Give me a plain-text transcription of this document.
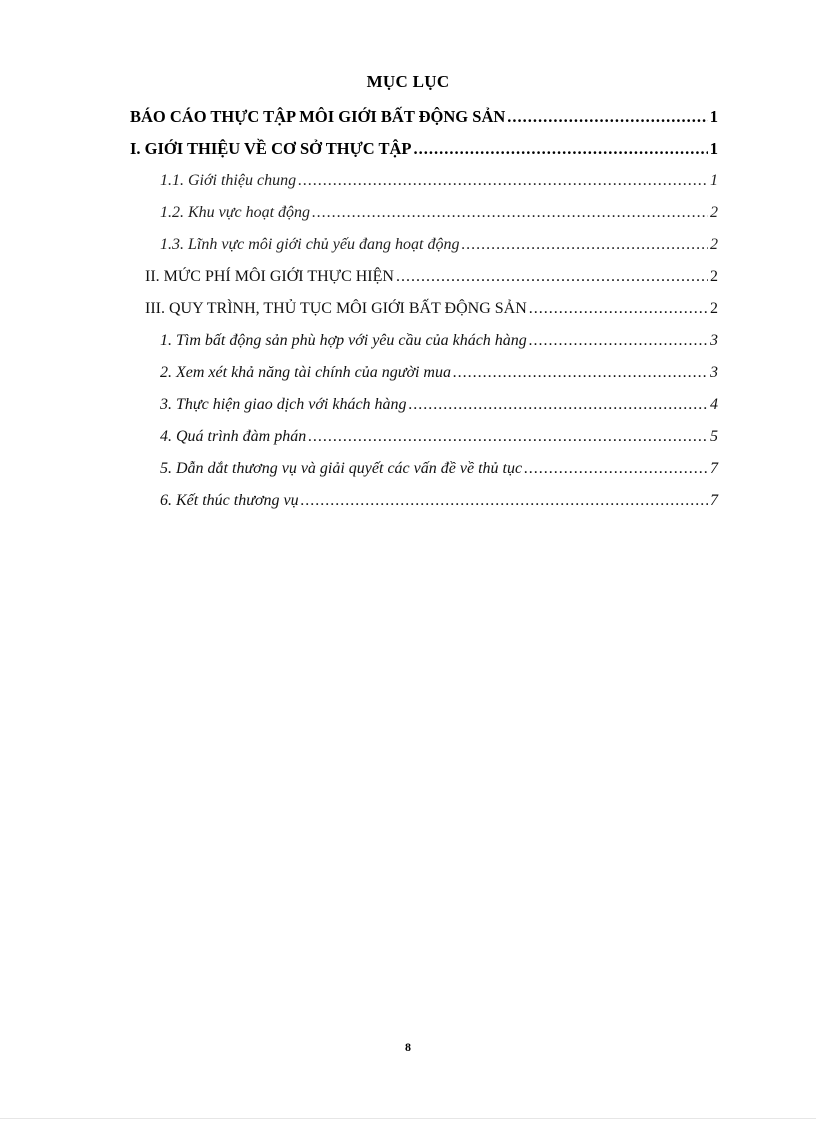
MỤC LỤC
BÁO CÁO THỰC TẬP MÔI GIỚI BẤT ĐỘNG SẢN .....	1
I. GIỚI THIỆU VỀ CƠ SỞ THỰC TẬP .....	1
1.1. Giới thiệu chung .....	1
1.2. Khu vực hoạt động .....	2
1.3. Lĩnh vực môi giới chủ yếu đang hoạt động .....	2
II. MỨC PHÍ MÔI GIỚI THỰC HIỆN .....	2
III. QUY TRÌNH, THỦ TỤC MÔI GIỚI BẤT ĐỘNG SẢN .....	2
1. Tìm bất động sản phù hợp với yêu cầu của khách hàng .....	3
2. Xem xét khả năng tài chính của người mua .....	3
3. Thực hiện giao dịch với khách hàng .....	4
4. Quá trình đàm phán .....	5
5. Dẫn dắt thương vụ và giải quyết các vấn đề về thủ tục .....	7
6. Kết thúc thương vụ .....	7
8
